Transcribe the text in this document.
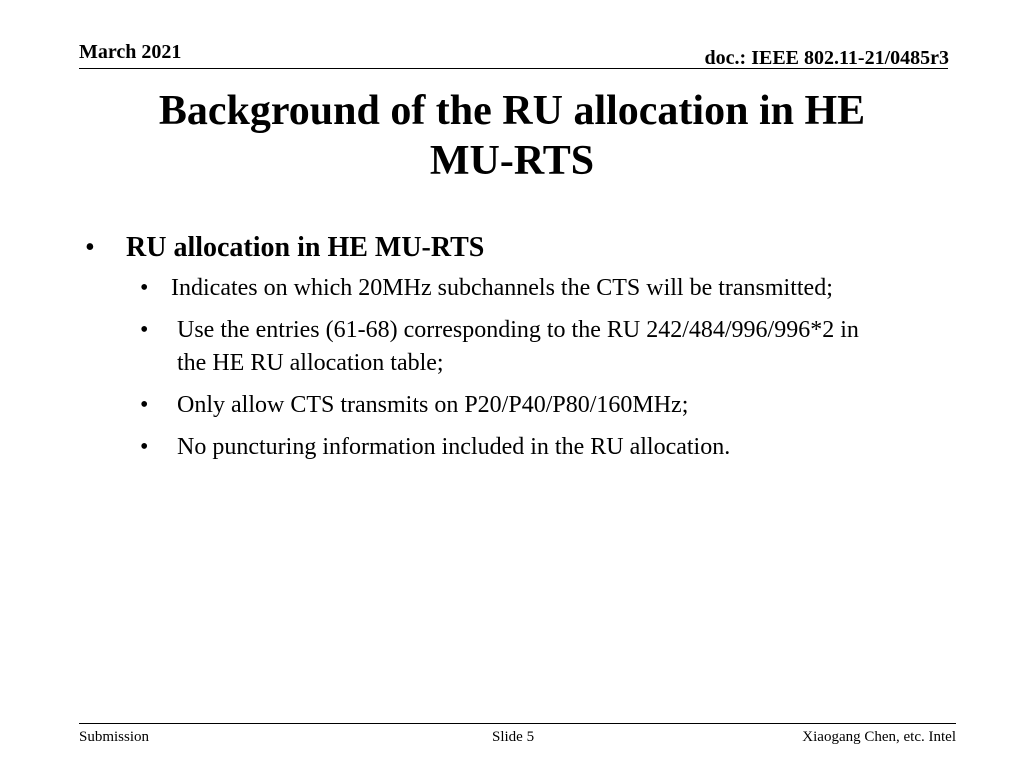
March 2021	doc.: IEEE 802.11-21/0485r3
Background of the RU allocation in HE
MU-RTS
• RU allocation in HE MU-RTS
• Indicates on which 20MHz subchannels the CTS will be transmitted;
• Use the entries (61-68) corresponding to the RU 242/484/996/996*2 in the HE RU allocation table;
• Only allow CTS transmits on P20/P40/P80/160MHz;
• No puncturing information included in the RU allocation.
Submission	Slide 5	Xiaogang Chen, etc. Intel
